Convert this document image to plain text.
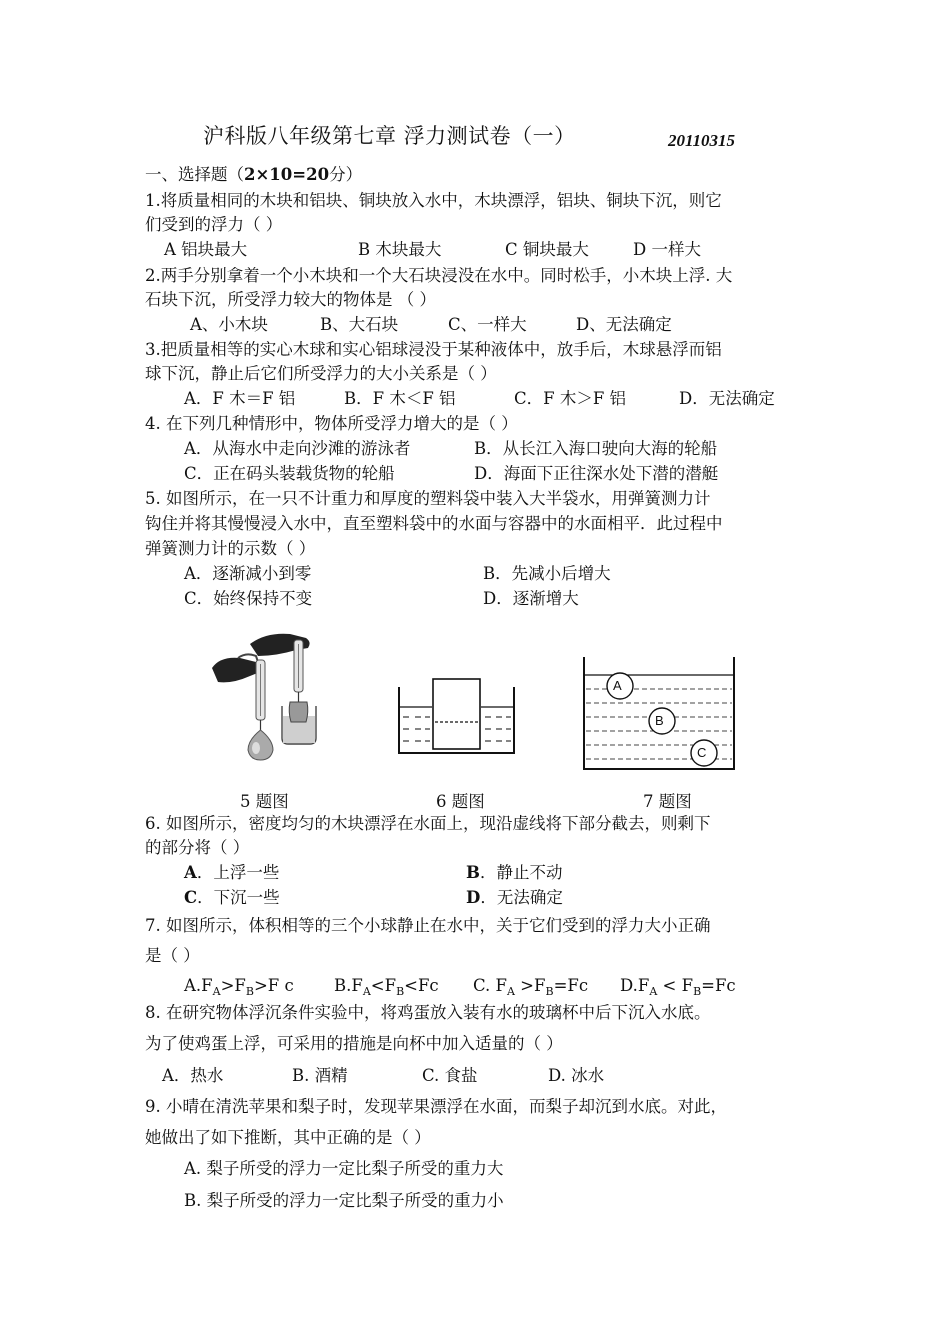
沪科版八年级第七章 浮力测试卷（一）	20110315
一、选择题（2×10=20分）
1.将质量相同的木块和铝块、铜块放入水中，木块漂浮，铝块、铜块下沉，则它
们受到的浮力（ ）
A 铝块最大	B 木块最大	C 铜块最大	D 一样大
2.两手分别拿着一个小木块和一个大石块浸没在水中。同时松手，小木块上浮. 大
石块下沉，所受浮力较大的物体是 （ ）
A、小木块	B、大石块	C、一样大	D、无法确定
3.把质量相等的实心木球和实心铝球浸没于某种液体中，放手后，木球悬浮而铝
球下沉，静止后它们所受浮力的大小关系是（ ）
A．F 木＝F 铝	B．F 木＜F 铝	C．F 木＞F 铝	D．无法确定
4. 在下列几种情形中，物体所受浮力增大的是（ ）
A．从海水中走向沙滩的游泳者	B．从长江入海口驶向大海的轮船
C．正在码头装载货物的轮船	D．海面下正往深水处下潜的潜艇
5. 如图所示，在一只不计重力和厚度的塑料袋中装入大半袋水，用弹簧测力计
钩住并将其慢慢浸入水中，直至塑料袋中的水面与容器中的水面相平．此过程中
弹簧测力计的示数（ ）
A．逐渐减小到零	B．先减小后增大
C．始终保持不变	D．逐渐增大
A
B
C
5 题图	6 题图	7 题图
6. 如图所示，密度均匀的木块漂浮在水面上，现沿虚线将下部分截去，则剩下
的部分将（ ）
A．上浮一些	B．静止不动
C．下沉一些	D．无法确定
7. 如图所示，体积相等的三个小球静止在水中，关于它们受到的浮力大小正确
是（ ）
$A.F_A>F_B>F$ c $B.F_A<F_B<Fc$ C. $F_A >F_B=Fc$ $D.F_A < F_B=Fc$
8. 在研究物体浮沉条件实验中，将鸡蛋放入装有水的玻璃杯中后下沉入水底。
为了使鸡蛋上浮，可采用的措施是向杯中加入适量的（ ）
A．热水	B. 酒精	C. 食盐	D. 冰水
9. 小晴在清洗苹果和梨子时，发现苹果漂浮在水面，而梨子却沉到水底。对此，
她做出了如下推断，其中正确的是（ ）
A. 梨子所受的浮力一定比梨子所受的重力大
B. 梨子所受的浮力一定比梨子所受的重力小
